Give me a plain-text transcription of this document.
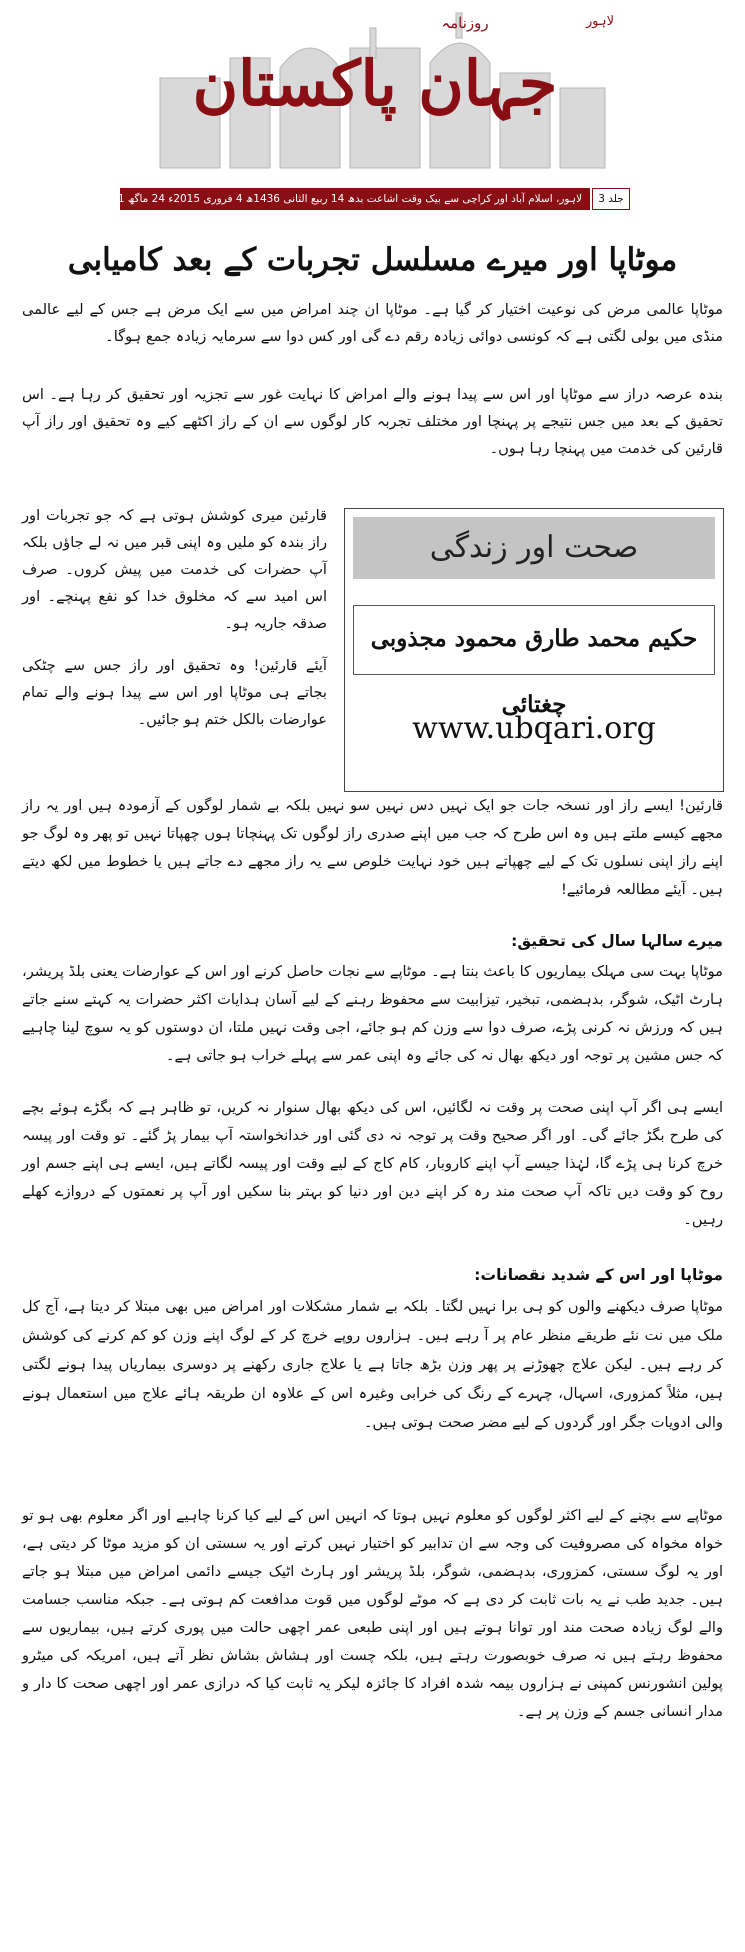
روزنامہ	لاہور
جہان پاکستان
لاہور، اسلام آباد اور کراچی سے بیک وقت اشاعت بدھ 14 ربیع الثانی 1436ھ 4 فروری 2015ء 24 ماگھ 2071ب	جلد 3
موٹاپا اور میرے مسلسل تجربات کے بعد کامیابی
موٹاپا عالمی مرض کی نوعیت اختیار کر گیا ہے۔ موٹاپا ان چند امراض میں سے ایک مرض ہے جس کے لیے عالمی منڈی میں بولی لگتی ہے کہ کونسی دوائی زیادہ رقم دے گی اور کس دوا سے سرمایہ زیادہ جمع ہوگا۔
بندہ عرصہ دراز سے موٹاپا اور اس سے پیدا ہونے والے امراض کا نہایت غور سے تجزیہ اور تحقیق کر رہا ہے۔ اس تحقیق کے بعد میں جس نتیجے پر پہنچا اور مختلف تجربہ کار لوگوں سے ان کے راز اکٹھے کیے وہ تحقیق اور راز آپ قارئین کی خدمت میں پہنچا رہا ہوں۔
صحت اور زندگی
حکیم محمد طارق محمود مجذوبی چغتائی
www.ubqari.org
قارئین میری کوشش ہوتی ہے کہ جو تجربات اور راز بندہ کو ملیں وہ اپنی قبر میں نہ لے جاؤں بلکہ آپ حضرات کی خدمت میں پیش کروں۔ صرف اس امید سے کہ مخلوق خدا کو نفع پہنچے۔ اور صدقہ جاریہ ہو۔
آیئے قارئین! وہ تحقیق اور راز جس سے چٹکی بجاتے ہی موٹاپا اور اس سے پیدا ہونے والے تمام عوارضات بالکل ختم ہو جائیں۔
قارئین! ایسے راز اور نسخہ جات جو ایک نہیں دس نہیں سو نہیں بلکہ بے شمار لوگوں کے آزمودہ ہیں اور یہ راز مجھے کیسے ملتے ہیں وہ اس طرح کہ جب میں اپنے صدری راز لوگوں تک پہنچاتا ہوں چھپاتا نہیں تو پھر وہ لوگ جو اپنے راز اپنی نسلوں تک کے لیے چھپاتے ہیں خود نہایت خلوص سے یہ راز مجھے دے جاتے ہیں یا خطوط میں لکھ دیتے ہیں۔ آیئے مطالعہ فرمائیے!
میرے سالہا سال کی تحقیق:
موٹاپا بہت سی مہلک بیماریوں کا باعث بنتا ہے۔ موٹاپے سے نجات حاصل کرنے اور اس کے عوارضات یعنی بلڈ پریشر، ہارٹ اٹیک، شوگر، بدہضمی، تبخیر، تیزابیت سے محفوظ رہنے کے لیے آسان ہدایات اکثر حضرات یہ کہتے سنے جاتے ہیں کہ ورزش نہ کرنی پڑے، صرف دوا سے وزن کم ہو جائے، اجی وقت نہیں ملتا، ان دوستوں کو یہ سوچ لینا چاہیے کہ جس مشین پر توجہ اور دیکھ بھال نہ کی جائے وہ اپنی عمر سے پہلے خراب ہو جاتی ہے۔
ایسے ہی اگر آپ اپنی صحت پر وقت نہ لگائیں، اس کی دیکھ بھال سنوار نہ کریں، تو ظاہر ہے کہ بگڑے ہوئے بچے کی طرح بگڑ جائے گی۔ اور اگر صحیح وقت پر توجہ نہ دی گئی اور خدانخواستہ آپ بیمار پڑ گئے۔ تو وقت اور پیسہ خرچ کرنا ہی پڑے گا، لہٰذا جیسے آپ اپنے کاروبار، کام کاج کے لیے وقت اور پیسہ لگاتے ہیں، ایسے ہی اپنے جسم اور روح کو وقت دیں تاکہ آپ صحت مند رہ کر اپنے دین اور دنیا کو بہتر بنا سکیں اور آپ پر نعمتوں کے دروازے کھلے رہیں۔
موٹاپا اور اس کے شدید نقصانات:
موٹاپا صرف دیکھنے والوں کو ہی برا نہیں لگتا۔ بلکہ بے شمار مشکلات اور امراض میں بھی مبتلا کر دیتا ہے، آج کل ملک میں نت نئے طریقے منظر عام پر آ رہے ہیں۔ ہزاروں روپے خرچ کر کے لوگ اپنے وزن کو کم کرنے کی کوشش کر رہے ہیں۔ لیکن علاج چھوڑنے پر پھر وزن بڑھ جاتا ہے یا علاج جاری رکھنے پر دوسری بیماریاں پیدا ہونے لگتی ہیں، مثلاً کمزوری، اسہال، چہرے کے رنگ کی خرابی وغیرہ اس کے علاوہ ان طریقہ ہائے علاج میں استعمال ہونے والی ادویات جگر اور گردوں کے لیے مضر صحت ہوتی ہیں۔
موٹاپے سے بچنے کے لیے اکثر لوگوں کو معلوم نہیں ہوتا کہ انہیں اس کے لیے کیا کرنا چاہیے اور اگر معلوم بھی ہو تو خواہ مخواہ کی مصروفیت کی وجہ سے ان تدابیر کو اختیار نہیں کرتے اور یہ سستی ان کو مزید موٹا کر دیتی ہے، اور یہ لوگ سستی، کمزوری، بدہضمی، شوگر، بلڈ پریشر اور ہارٹ اٹیک جیسے دائمی امراض میں مبتلا ہو جاتے ہیں۔ جدید طب نے یہ بات ثابت کر دی ہے کہ موٹے لوگوں میں قوت مدافعت کم ہوتی ہے۔ جبکہ مناسب جسامت والے لوگ زیادہ صحت مند اور توانا ہوتے ہیں اور اپنی طبعی عمر اچھی حالت میں پوری کرتے ہیں، بیماریوں سے محفوظ رہتے ہیں نہ صرف خوبصورت رہتے ہیں، بلکہ چست اور ہشاش بشاش نظر آتے ہیں، امریکہ کی میٹرو پولین انشورنس کمپنی نے ہزاروں بیمہ شدہ افراد کا جائزہ لیکر یہ ثابت کیا کہ درازی عمر اور اچھی صحت کا دار و مدار انسانی جسم کے وزن پر ہے۔
